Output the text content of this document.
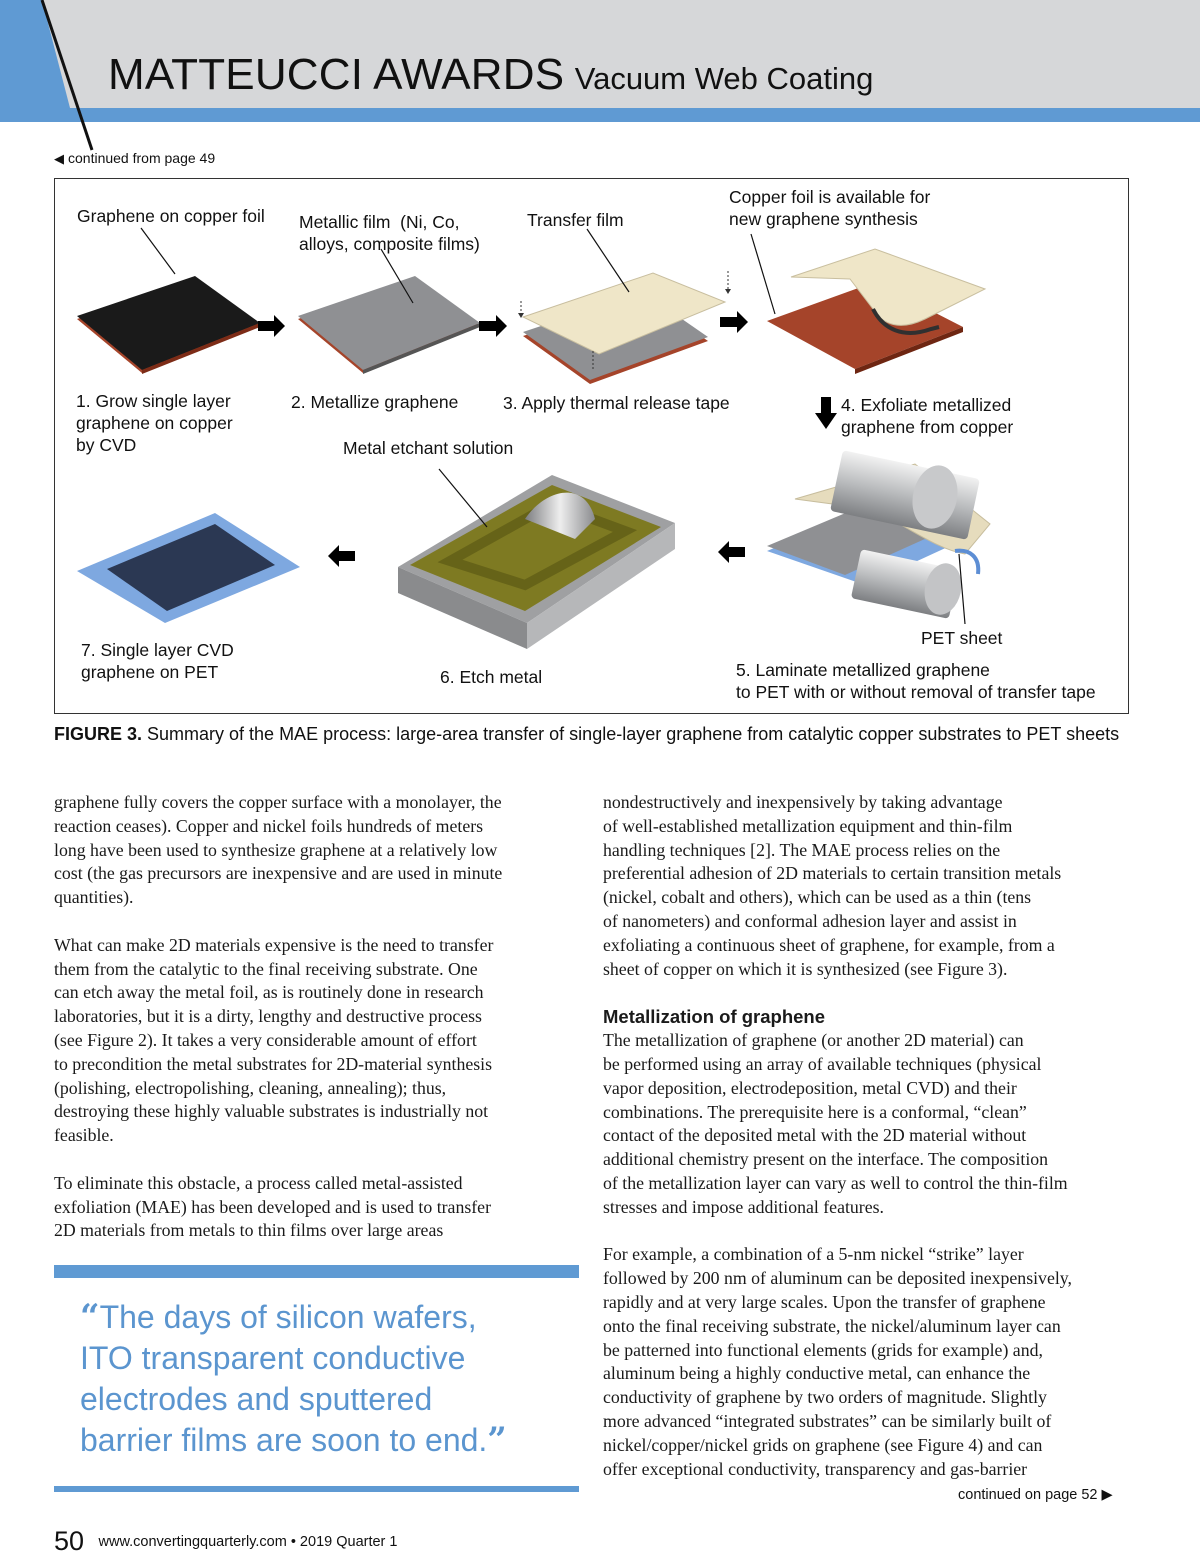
MATTEUCCI AWARDS Vacuum Web Coating
◀ continued from page 49
Graphene on copper foil Metallic film  (Ni, Co,
alloys, composite films)
Transfer film
Copper foil is available for
new graphene synthesis
1. Grow single layer
graphene on copper
by CVD
2. Metallize graphene	3. Apply thermal release tape	4. Exfoliate metallized
graphene from copper
Metal etchant solution
PET sheet
7. Single layer CVD
graphene on PET	6. Etch metal	5. Laminate metallized graphene
to PET with or without removal of transfer tape
FIGURE 3. Summary of the MAE process: large-area transfer of single-layer graphene from catalytic copper substrates to PET sheets

graphene fully covers the copper surface with a monolayer, the
reaction ceases). Copper and nickel foils hundreds of meters
long have been used to synthesize graphene at a relatively low
cost (the gas precursors are inexpensive and are used in minute
quantities).

What can make 2D materials expensive is the need to transfer
them from the catalytic to the final receiving substrate. One
can etch away the metal foil, as is routinely done in research
laboratories, but it is a dirty, lengthy and destructive process
(see Figure 2). It takes a very considerable amount of effort
to precondition the metal substrates for 2D-material synthesis
(polishing, electropolishing, cleaning, annealing); thus,
destroying these highly valuable substrates is industrially not
feasible.

To eliminate this obstacle, a process called metal-assisted
exfoliation (MAE) has been developed and is used to transfer
2D materials from metals to thin films over large areas

“The days of silicon wafers,
ITO transparent conductive
electrodes and sputtered
barrier films are soon to end.”

nondestructively and inexpensively by taking advantage
of well-established metallization equipment and thin-film
handling techniques [2]. The MAE process relies on the
preferential adhesion of 2D materials to certain transition metals
(nickel, cobalt and others), which can be used as a thin (tens
of nanometers) and conformal adhesion layer and assist in
exfoliating a continuous sheet of graphene, for example, from a
sheet of copper on which it is synthesized (see Figure 3).

Metallization of graphene

The metallization of graphene (or another 2D material) can
be performed using an array of available techniques (physical
vapor deposition, electrodeposition, metal CVD) and their
combinations. The prerequisite here is a conformal, “clean”
contact of the deposited metal with the 2D material without
additional chemistry present on the interface. The composition
of the metallization layer can vary as well to control the thin-film
stresses and impose additional features.

For example, a combination of a 5-nm nickel “strike” layer
followed by 200 nm of aluminum can be deposited inexpensively,
rapidly and at very large scales. Upon the transfer of graphene
onto the final receiving substrate, the nickel/aluminum layer can
be patterned into functional elements (grids for example) and,
aluminum being a highly conductive metal, can enhance the
conductivity of graphene by two orders of magnitude. Slightly
more advanced “integrated substrates” can be similarly built of
nickel/copper/nickel grids on graphene (see Figure 4) and can
offer exceptional conductivity, transparency and gas-barrier

continued on page 52 ▶
50 www.convertingquarterly.com • 2019 Quarter 1
